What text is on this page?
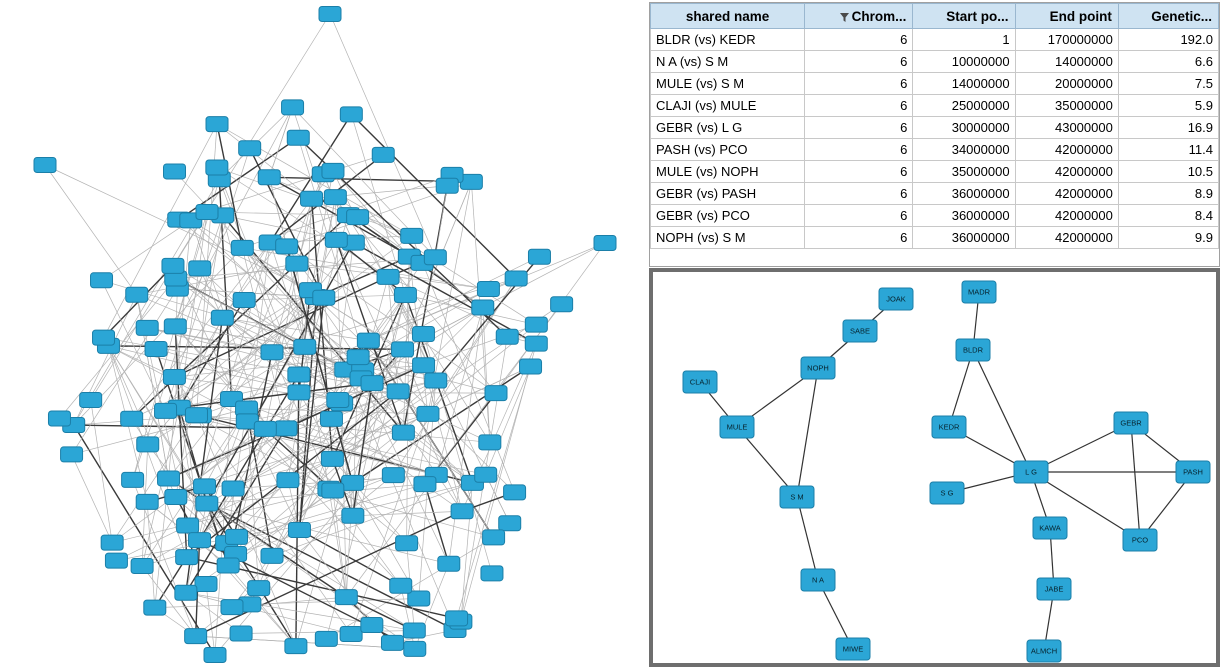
shared name	Chrom...	Start po...	End point	Genetic...
BLDR (vs) KEDR	6	1	170000000	192.0
N A (vs) S M	6	10000000	14000000	6.6
MULE (vs) S M	6	14000000	20000000	7.5
CLAJI (vs) MULE	6	25000000	35000000	5.9
GEBR (vs) L G	6	30000000	43000000	16.9
PASH (vs) PCO	6	34000000	42000000	11.4
MULE (vs) NOPH	6	35000000	42000000	10.5
GEBR (vs) PASH	6	36000000	42000000	8.9
GEBR (vs) PCO	6	36000000	42000000	8.4
NOPH (vs) S M	6	36000000	42000000	9.9
JOAK
MADR
SABE
BLDR
NOPH
CLAJI
KEDR	GEBR
MULE
L G
S G
PASH
S M
KAWA
PCO
N A
JABE
MIWE	ALMCH
